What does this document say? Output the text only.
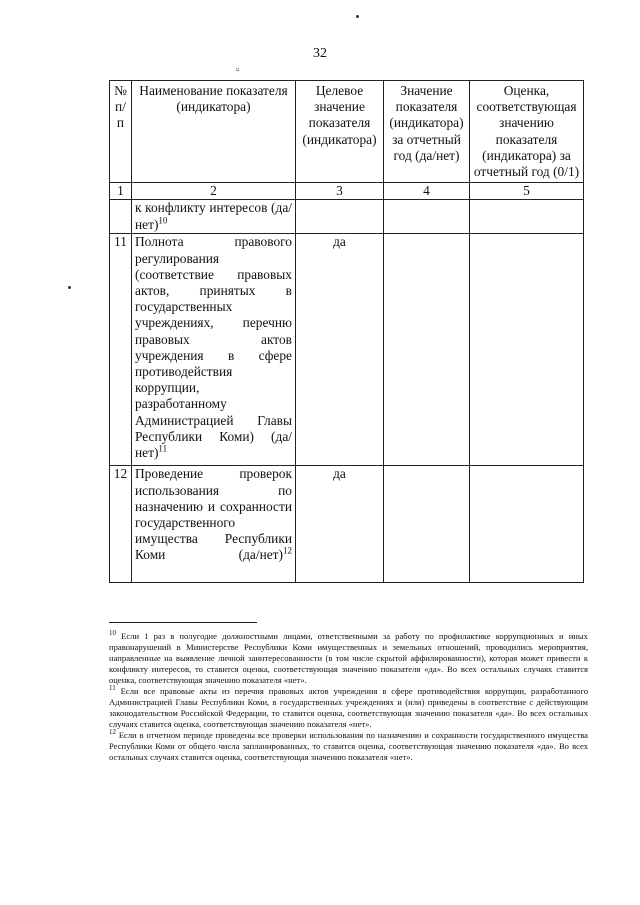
⸚
32
№ п/п	Наименование показателя (индикатора)	Целевое значение показателя (индикатора)	Значение показателя (индикатора) за отчетный год (да/нет)	Оценка, соответствующая значению показателя (индикатора) за отчетный год (0/1)
1	2	3	4	5
	к конфликту интересов $(да/нет)^{10}$			
11	Полнота правового регулирования (соответствие правовых актов, принятых в государственных учреждениях, перечню правовых актов учреждения в сфере противодействия коррупции, разработанному Администрацией Главы Республики Коми) $(да/нет)^{11}$	да		
12	Проведение проверок использования по назначению и сохранности государственного имущества Республики Коми $(да/нет)^{12}$	да		

$^{10}$ Если 1 раз в полугодие должностными лицами, ответственными за работу по профилактике коррупционных и иных правонарушений в Министерстве Республики Коми имущественных и земельных отношений, проводились мероприятия, направленные на выявление личной заинтересованности (в том числе скрытой аффилированности), которая может привести к конфликту интересов, то ставится оценка, соответствующая значению показателя «да». Во всех остальных случаях ставится оценка, соответствующая значению показателя «нет».

$^{11}$ Если все правовые акты из перечня правовых актов учреждения в сфере противодействия коррупции, разработанного Администрацией Главы Республики Коми, в государственных учреждениях и (или) приведены в соответствие с действующим законодательством Российской Федерации, то ставится оценка, соответствующая значению показателя «да». Во всех остальных случаях ставится оценка, соответствующая значению показателя «нет».

$^{12}$ Если в отчетном периоде проведены все проверки использования по назначению и сохранности государственного имущества Республики Коми от общего числа запланированных, то ставится оценка, соответствующая значению показателя «да». Во всех остальных случаях ставится оценка, соответствующая значению показателя «нет».
